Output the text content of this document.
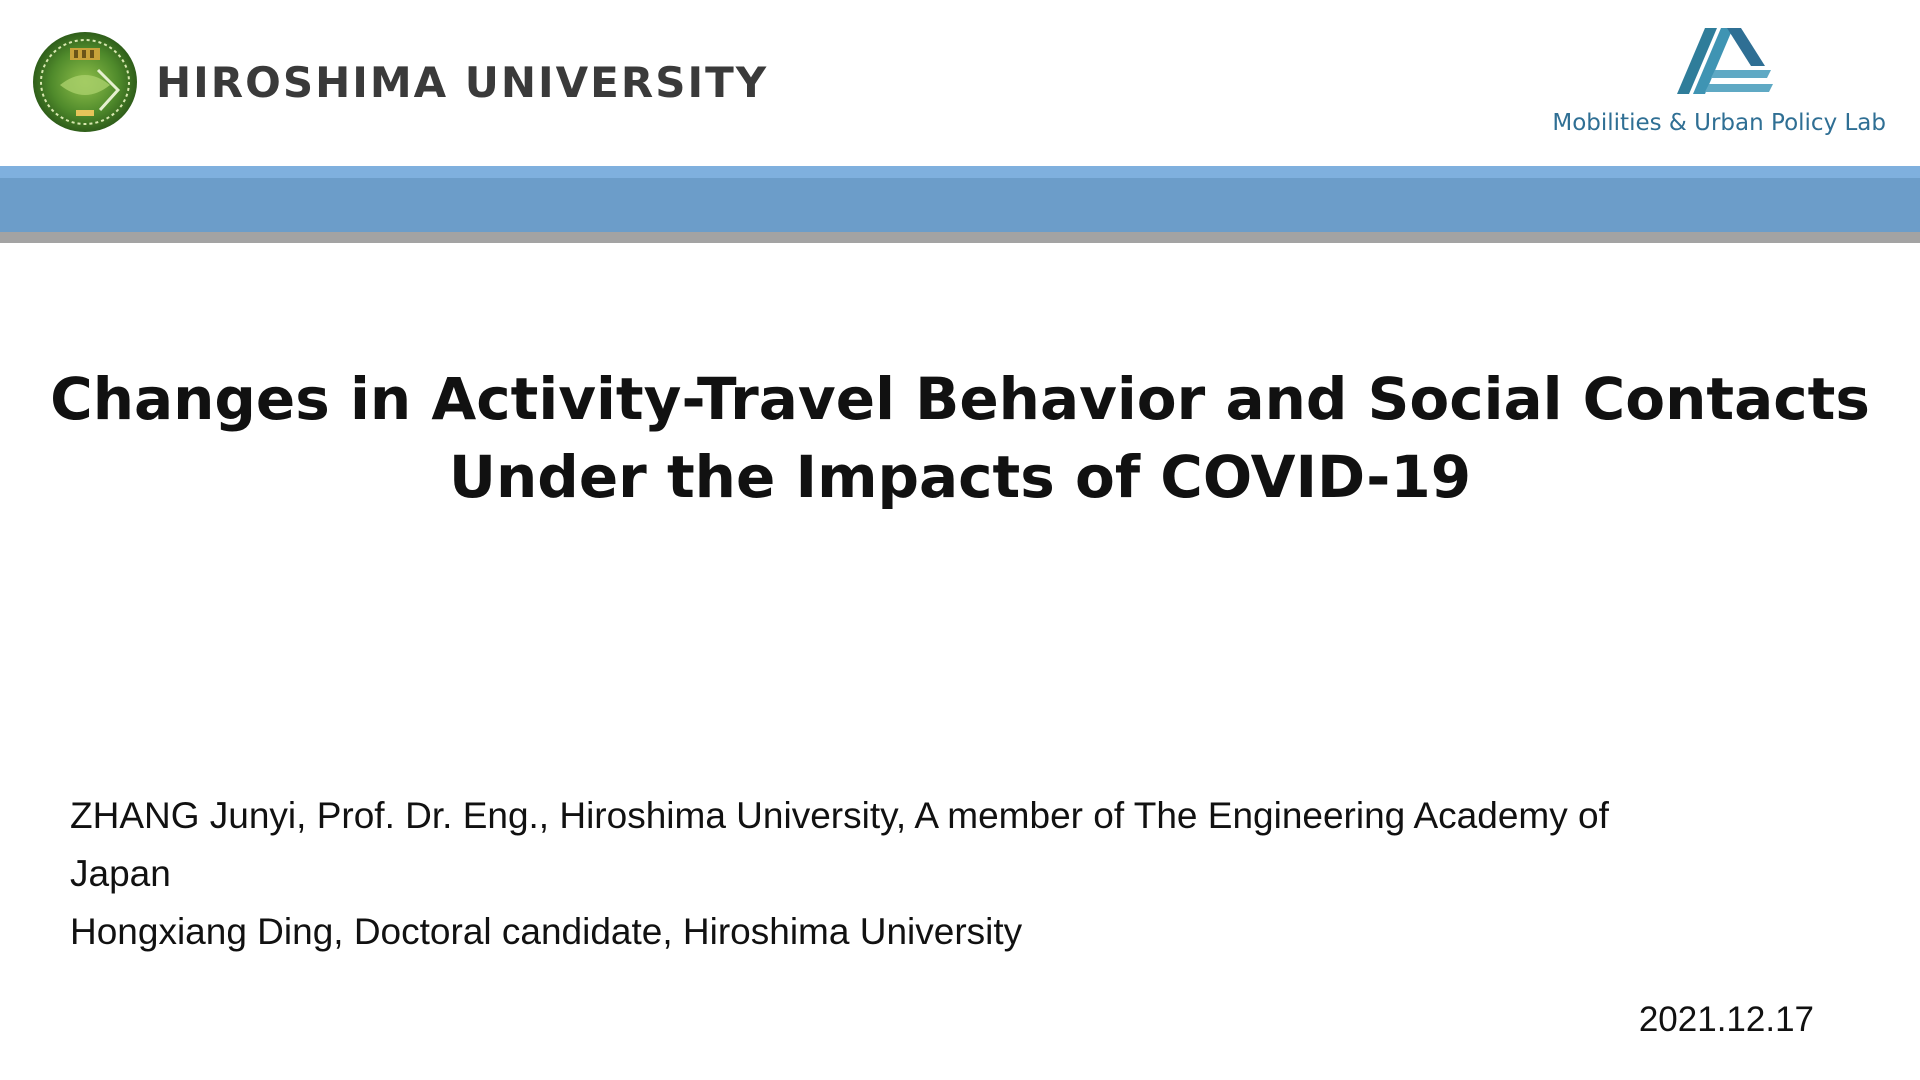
HIROSHIMA UNIVERSITY
Mobilities & Urban Policy Lab
Changes in Activity-Travel Behavior and Social Contacts
Under the Impacts of COVID-19
ZHANG Junyi, Prof. Dr. Eng., Hiroshima University, A member of The Engineering Academy of
Japan
Hongxiang Ding, Doctoral candidate, Hiroshima University
2021.12.17
